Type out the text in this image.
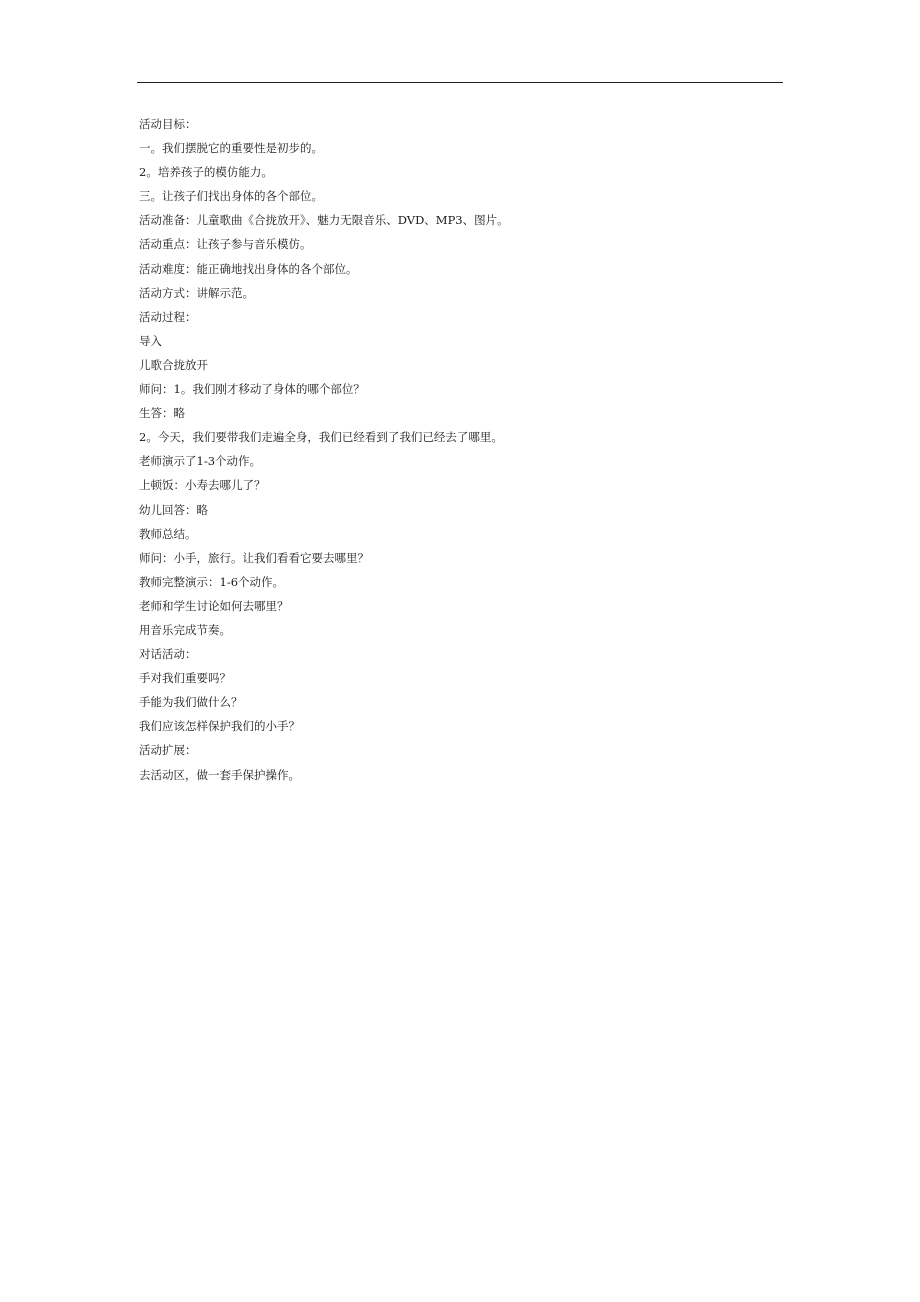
活动目标：
一。我们摆脱它的重要性是初步的。
2。培养孩子的模仿能力。
三。让孩子们找出身体的各个部位。
活动准备：儿童歌曲《合拢放开》、魅力无限音乐、DVD、MP3、图片。
活动重点：让孩子参与音乐模仿。
活动难度：能正确地找出身体的各个部位。
活动方式：讲解示范。
活动过程：
导入
儿歌合拢放开
师问：1。我们刚才移动了身体的哪个部位？
生答：略
2。今天，我们要带我们走遍全身，我们已经看到了我们已经去了哪里。
老师演示了1-3个动作。
上顿饭：小寿去哪儿了？
幼儿回答：略
教师总结。
师问：小手，旅行。让我们看看它要去哪里？
教师完整演示：1-6个动作。
老师和学生讨论如何去哪里？
用音乐完成节奏。
对话活动：
手对我们重要吗？
手能为我们做什么？
我们应该怎样保护我们的小手？
活动扩展：
去活动区，做一套手保护操作。
